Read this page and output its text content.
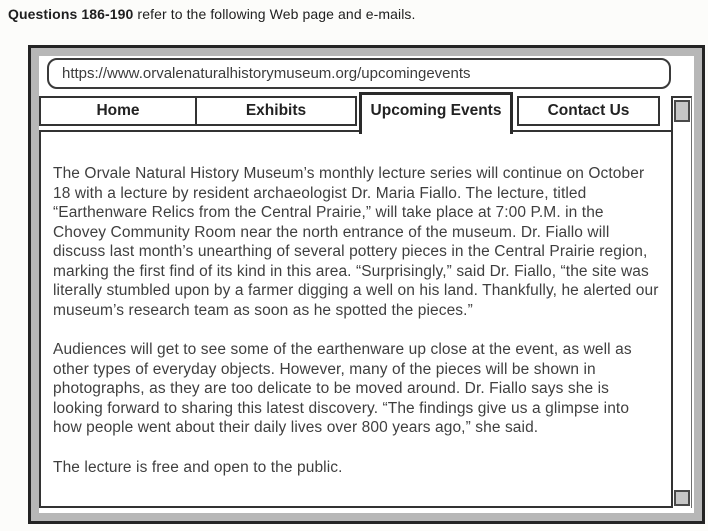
Questions 186-190 refer to the following Web page and e-mails.
https://www.orvalenaturalhistorymuseum.org/upcomingevents
Home	Exhibits	Contact Us
Upcoming Events

The Orvale Natural History Museum’s monthly lecture series will continue on October 18 with a lecture by resident archaeologist Dr. Maria Fiallo. The lecture, titled “Earthenware Relics from the Central Prairie,” will take place at 7:00 P.M. in the Chovey Community Room near the north entrance of the museum. Dr. Fiallo will discuss last month’s unearthing of several pottery pieces in the Central Prairie region, marking the first find of its kind in this area. “Surprisingly,” said Dr. Fiallo, “the site was literally stumbled upon by a farmer digging a well on his land. Thankfully, he alerted our museum’s research team as soon as he spotted the pieces.”

Audiences will get to see some of the earthenware up close at the event, as well as other types of everyday objects. However, many of the pieces will be shown in photographs, as they are too delicate to be moved around. Dr. Fiallo says she is looking forward to sharing this latest discovery. “The findings give us a glimpse into how people went about their daily lives over 800 years ago,” she said.

The lecture is free and open to the public.
